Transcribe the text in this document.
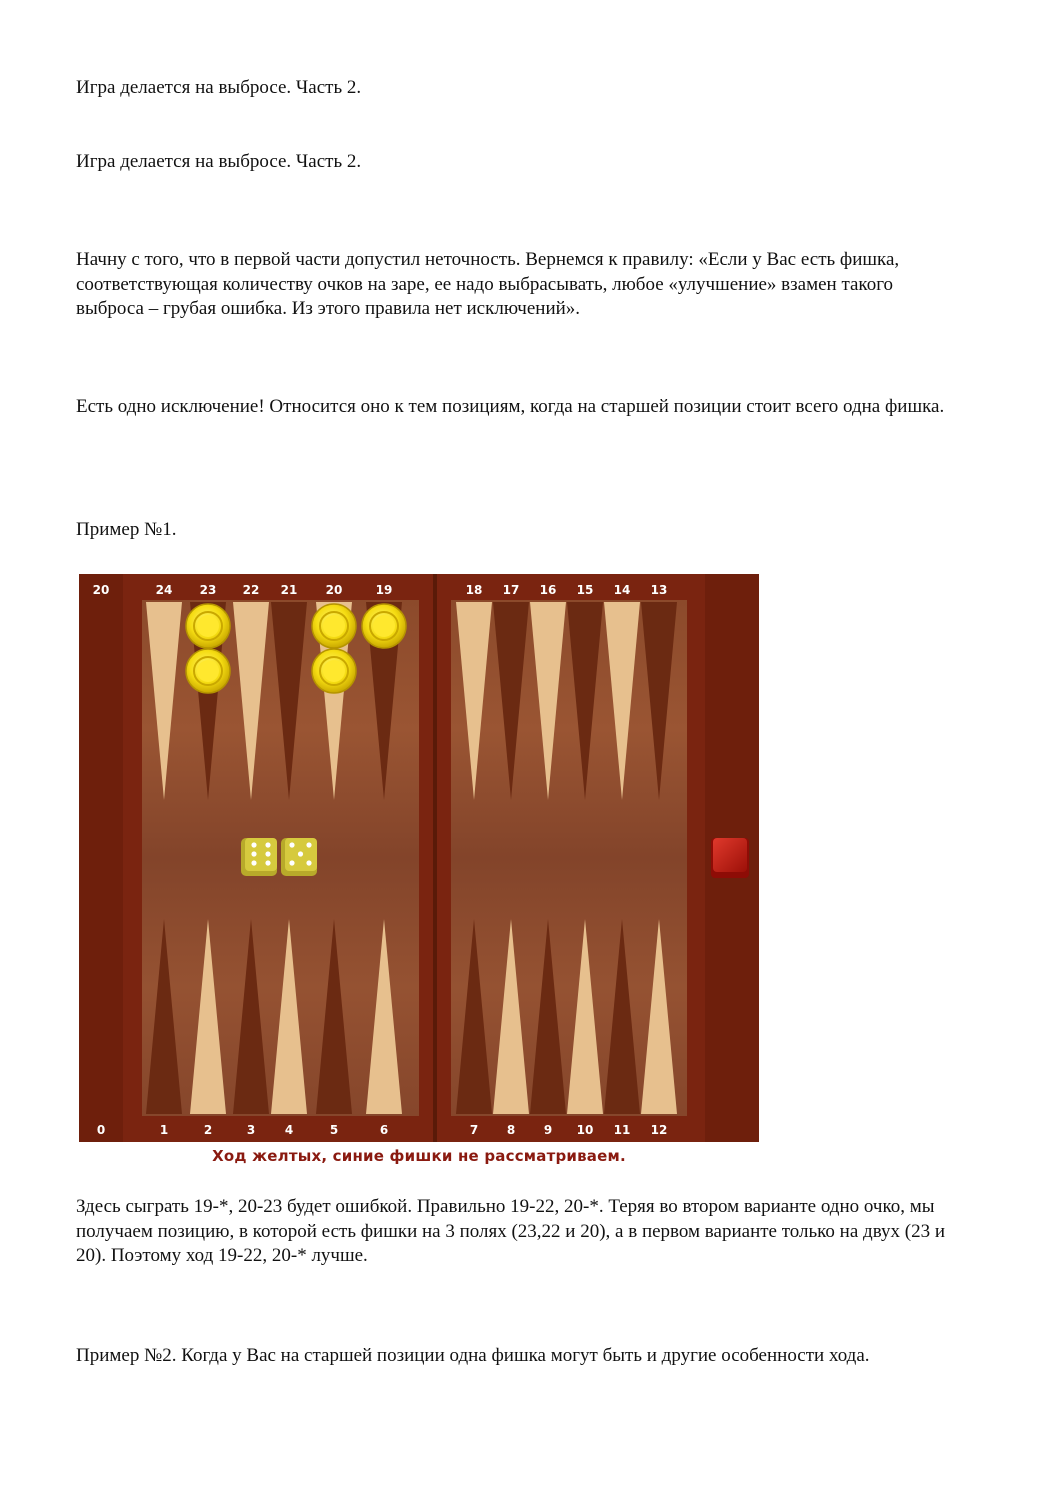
Игра делается на выбросе. Часть 2.

Игра делается на выбросе. Часть 2.

Начну с того, что в первой части допустил неточность. Вернемся к правилу: «Если у Вас есть фишка, соответствующая количеству очков на заре, ее надо выбрасывать, любое «улучшение» взамен такого выброса – грубая ошибка. Из этого правила нет исключений».

Есть одно исключение! Относится оно к тем позициям, когда на старшей позиции стоит всего одна фишка.

Пример №1.

24
1
23
2
22
3
21
4
20
5
19
6
18
7
17
8
16
9
15
10
14
11
13
12
20
0
Ход желтых, синие фишки не рассматриваем.

Здесь сыграть 19-*, 20-23 будет ошибкой. Правильно 19-22, 20-*. Теряя во втором варианте одно очко, мы получаем позицию, в которой есть фишки на 3 полях (23,22 и 20), а в первом варианте только на двух (23 и 20). Поэтому ход 19-22, 20-* лучше.

Пример №2. Когда у Вас на старшей позиции одна фишка могут быть и другие особенности хода.
